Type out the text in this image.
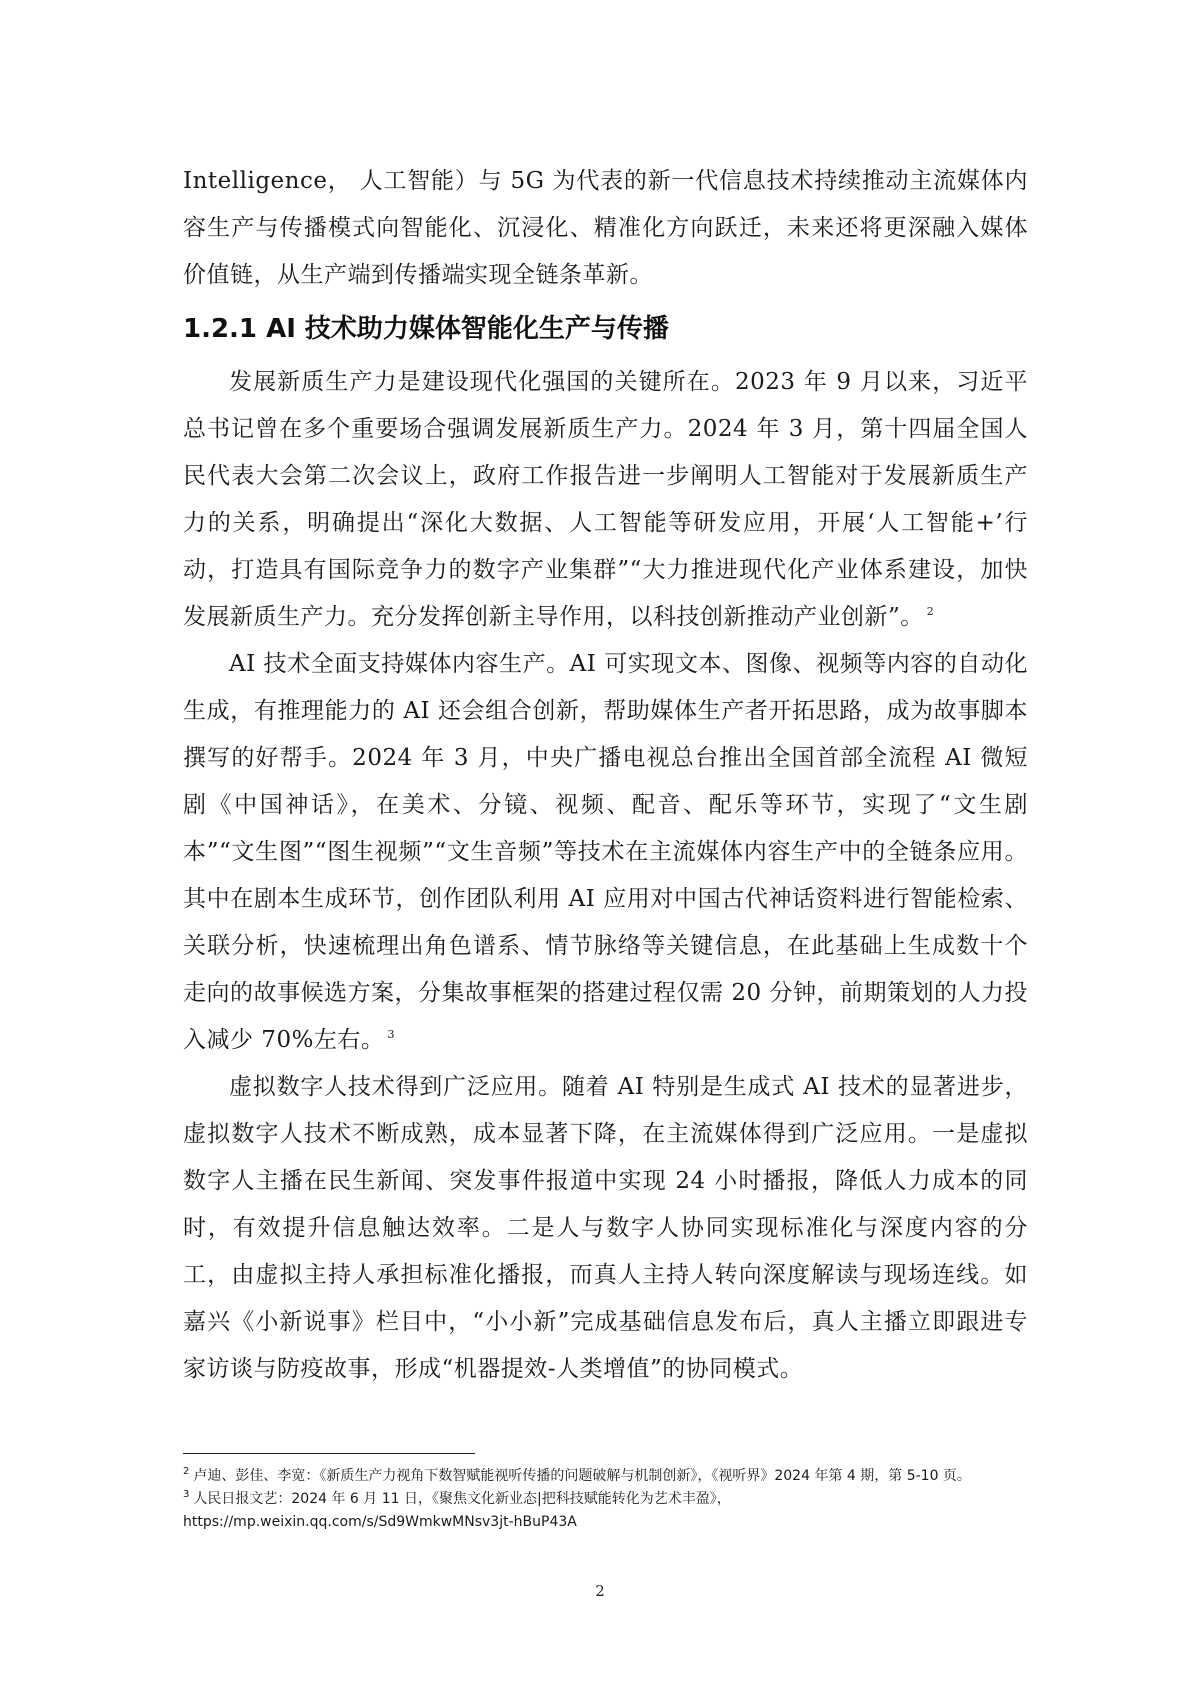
Intelligence， 人工智能）与 5G 为代表的新一代信息技术持续推动主流媒体内容生产与传播模式向智能化、沉浸化、精准化方向跃迁，未来还将更深融入媒体价值链，从生产端到传播端实现全链条革新。

1.2.1 AI 技术助力媒体智能化生产与传播

发展新质生产力是建设现代化强国的关键所在。2023 年 9 月以来，习近平总书记曾在多个重要场合强调发展新质生产力。2024 年 3 月，第十四届全国人民代表大会第二次会议上，政府工作报告进一步阐明人工智能对于发展新质生产力的关系，明确提出“深化大数据、人工智能等研发应用，开展‘人工智能+’行动，打造具有国际竞争力的数字产业集群”“大力推进现代化产业体系建设，加快发展新质生产力。充分发挥创新主导作用，以科技创新推动产业创新”。 $^2$

AI 技术全面支持媒体内容生产。AI 可实现文本、图像、视频等内容的自动化生成，有推理能力的 AI 还会组合创新，帮助媒体生产者开拓思路，成为故事脚本撰写的好帮手。2024 年 3 月，中央广播电视总台推出全国首部全流程 AI 微短剧《中国神话》，在美术、分镜、视频、配音、配乐等环节，实现了“文生剧本”“文生图”“图生视频”“文生音频”等技术在主流媒体内容生产中的全链条应用。其中在剧本生成环节，创作团队利用 AI 应用对中国古代神话资料进行智能检索、关联分析，快速梳理出角色谱系、情节脉络等关键信息，在此基础上生成数十个走向的故事候选方案，分集故事框架的搭建过程仅需 20 分钟，前期策划的人力投入减少 70%左右。 $^3$

虚拟数字人技术得到广泛应用。随着 AI 特别是生成式 AI 技术的显著进步，虚拟数字人技术不断成熟，成本显著下降，在主流媒体得到广泛应用。一是虚拟数字人主播在民生新闻、突发事件报道中实现 24 小时播报，降低人力成本的同时，有效提升信息触达效率。二是人与数字人协同实现标准化与深度内容的分工，由虚拟主持人承担标准化播报，而真人主持人转向深度解读与现场连线。如嘉兴《小新说事》栏目中，“小小新”完成基础信息发布后，真人主播立即跟进专家访谈与防疫故事，形成“机器提效-人类增值”的协同模式。

$^2$ 卢迪、彭佳、李宽：《新质生产力视角下数智赋能视听传播的问题破解与机制创新》，《视听界》2024 年第 4 期，第 5-10 页。

$^3$ 人民日报文艺：2024 年 6 月 11 日，《聚焦文化新业态|把科技赋能转化为艺术丰盈》，
https://mp.weixin.qq.com/s/Sd9WmkwMNsv3jt-hBuP43A

2
